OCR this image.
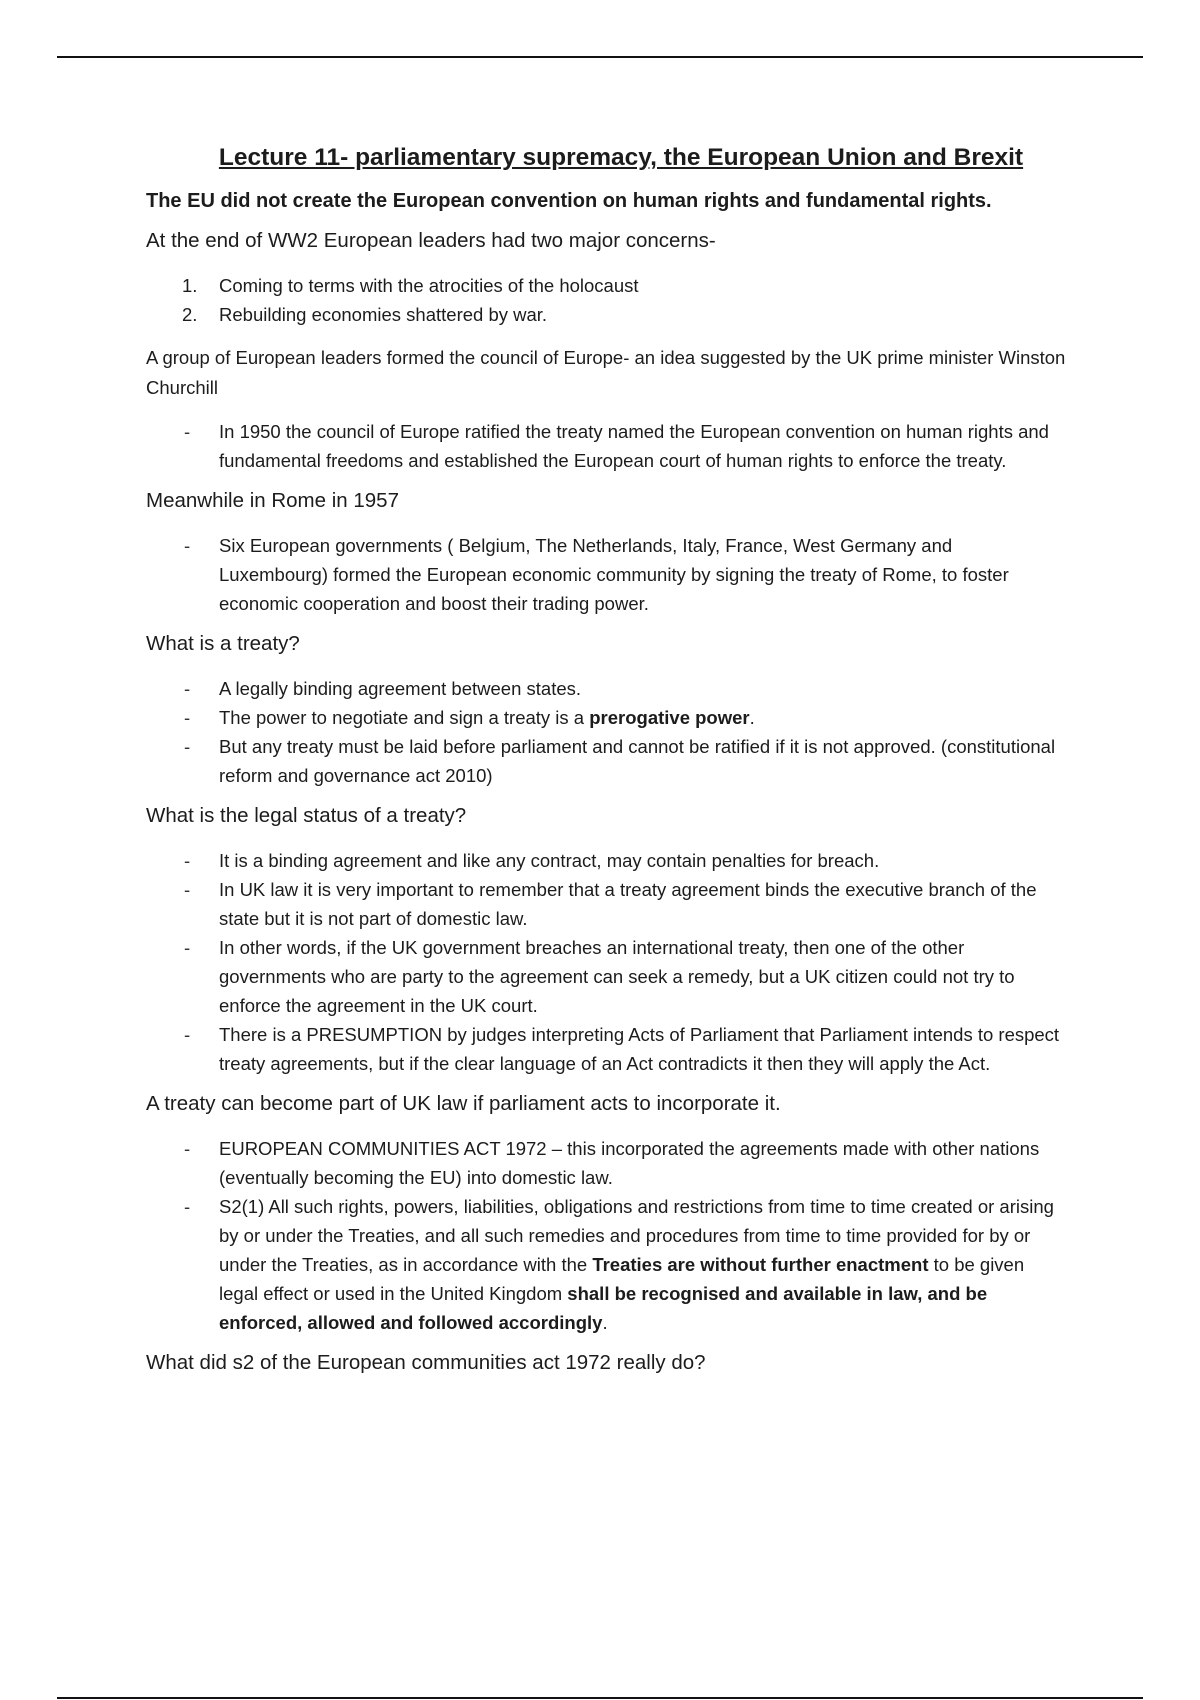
Lecture 11- parliamentary supremacy, the European Union and Brexit
The EU did not create the European convention on human rights and fundamental rights.
At the end of WW2 European leaders had two major concerns-
1. Coming to terms with the atrocities of the holocaust
2. Rebuilding economies shattered by war.
A group of European leaders formed the council of Europe- an idea suggested by the UK prime minister Winston Churchill
- In 1950 the council of Europe ratified the treaty named the European convention on human rights and fundamental freedoms and established the European court of human rights to enforce the treaty.
Meanwhile in Rome in 1957
- Six European governments ( Belgium, The Netherlands, Italy, France, West Germany and Luxembourg) formed the European economic community by signing the treaty of Rome, to foster economic cooperation and boost their trading power.
What is a treaty?
- A legally binding agreement between states.
- The power to negotiate and sign a treaty is a prerogative power.
- But any treaty must be laid before parliament and cannot be ratified if it is not approved. (constitutional reform and governance act 2010)
What is the legal status of a treaty?
- It is a binding agreement and like any contract, may contain penalties for breach.
- In UK law it is very important to remember that a treaty agreement binds the executive branch of the state but it is not part of domestic law.
- In other words, if the UK government breaches an international treaty, then one of the other governments who are party to the agreement can seek a remedy, but a UK citizen could not try to enforce the agreement in the UK court.
- There is a PRESUMPTION by judges interpreting Acts of Parliament that Parliament intends to respect treaty agreements, but if the clear language of an Act contradicts it then they will apply the Act.
A treaty can become part of UK law if parliament acts to incorporate it.
- EUROPEAN COMMUNITIES ACT 1972 – this incorporated the agreements made with other nations (eventually becoming the EU) into domestic law.
- S2(1) All such rights, powers, liabilities, obligations and restrictions from time to time created or arising by or under the Treaties, and all such remedies and procedures from time to time provided for by or under the Treaties, as in accordance with the Treaties are without further enactment to be given legal effect or used in the United Kingdom shall be recognised and available in law, and be enforced, allowed and followed accordingly.
What did s2 of the European communities act 1972 really do?
